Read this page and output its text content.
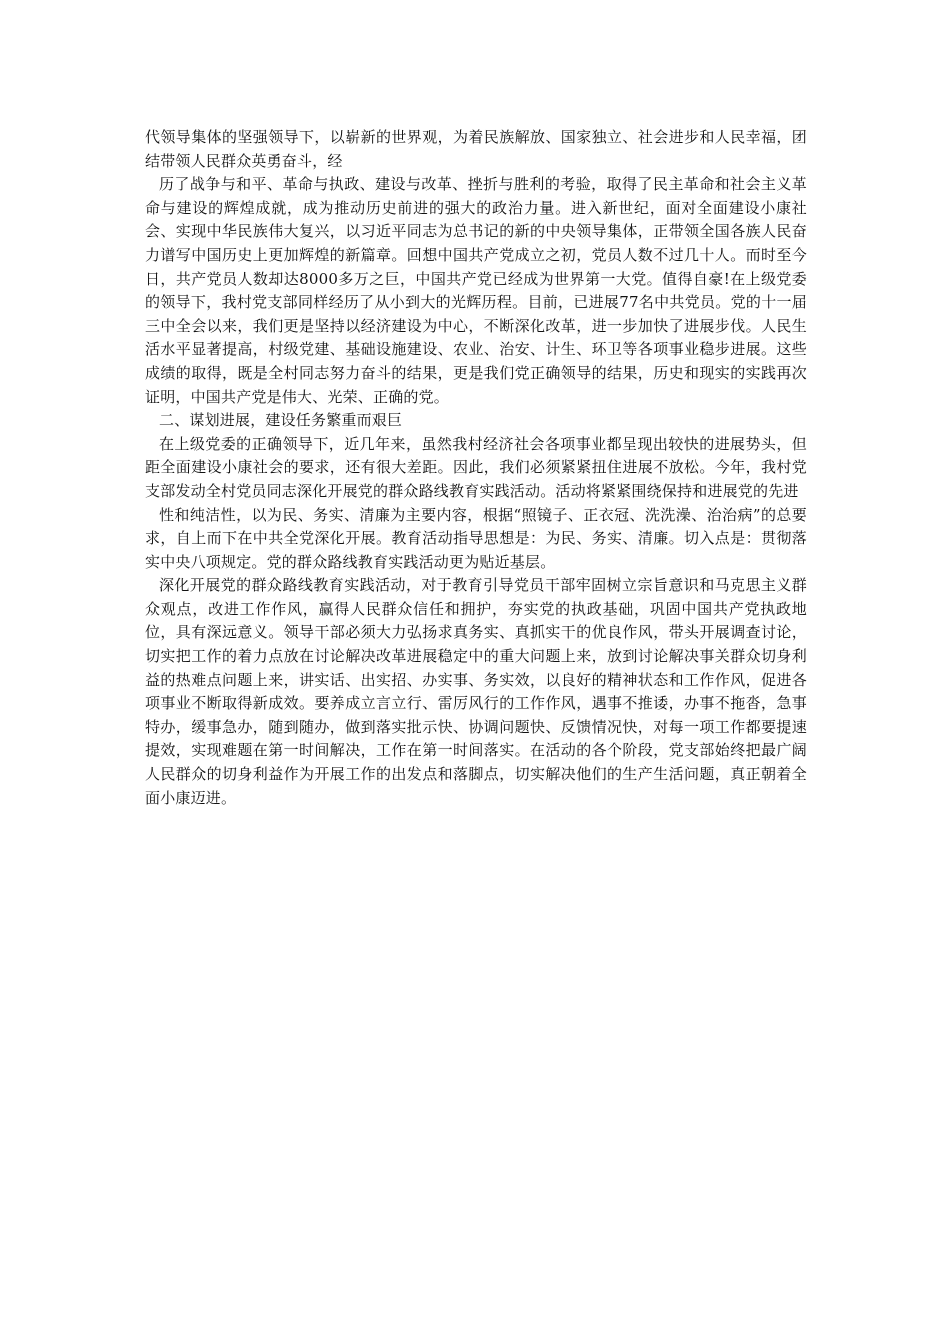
代领导集体的坚强领导下，以崭新的世界观，为着民族解放、国家独立、社会进步和人民幸福，团结带领人民群众英勇奋斗，经

历了战争与和平、革命与执政、建设与改革、挫折与胜利的考验，取得了民主革命和社会主义革命与建设的辉煌成就，成为推动历史前进的强大的政治力量。进入新世纪，面对全面建设小康社会、实现中华民族伟大复兴，以习近平同志为总书记的新的中央领导集体，正带领全国各族人民奋力谱写中国历史上更加辉煌的新篇章。回想中国共产党成立之初，党员人数不过几十人。而时至今日，共产党员人数却达8000多万之巨，中国共产党已经成为世界第一大党。值得自豪!在上级党委的领导下，我村党支部同样经历了从小到大的光辉历程。目前，已进展77名中共党员。党的十一届三中全会以来，我们更是坚持以经济建设为中心，不断深化改革，进一步加快了进展步伐。人民生活水平显著提高，村级党建、基础设施建设、农业、治安、计生、环卫等各项事业稳步进展。这些成绩的取得，既是全村同志努力奋斗的结果，更是我们党正确领导的结果，历史和现实的实践再次证明，中国共产党是伟大、光荣、正确的党。

二、谋划进展，建设任务繁重而艰巨

在上级党委的正确领导下，近几年来，虽然我村经济社会各项事业都呈现出较快的进展势头，但距全面建设小康社会的要求，还有很大差距。因此，我们必须紧紧扭住进展不放松。今年，我村党支部发动全村党员同志深化开展党的群众路线教育实践活动。活动将紧紧围绕保持和进展党的先进

性和纯洁性，以为民、务实、清廉为主要内容，根据“照镜子、正衣冠、洗洗澡、治治病”的总要求，自上而下在中共全党深化开展。教育活动指导思想是：为民、务实、清廉。切入点是：贯彻落实中央八项规定。党的群众路线教育实践活动更为贴近基层。

深化开展党的群众路线教育实践活动，对于教育引导党员干部牢固树立宗旨意识和马克思主义群众观点，改进工作作风，赢得人民群众信任和拥护，夯实党的执政基础，巩固中国共产党执政地位，具有深远意义。领导干部必须大力弘扬求真务实、真抓实干的优良作风，带头开展调查讨论，切实把工作的着力点放在讨论解决改革进展稳定中的重大问题上来，放到讨论解决事关群众切身利益的热难点问题上来，讲实话、出实招、办实事、务实效，以良好的精神状态和工作作风，促进各项事业不断取得新成效。要养成立言立行、雷厉风行的工作作风，遇事不推诿，办事不拖沓，急事特办，缓事急办，随到随办，做到落实批示快、协调问题快、反馈情况快，对每一项工作都要提速提效，实现难题在第一时间解决，工作在第一时间落实。在活动的各个阶段，党支部始终把最广阔人民群众的切身利益作为开展工作的出发点和落脚点，切实解决他们的生产生活问题，真正朝着全面小康迈进。
